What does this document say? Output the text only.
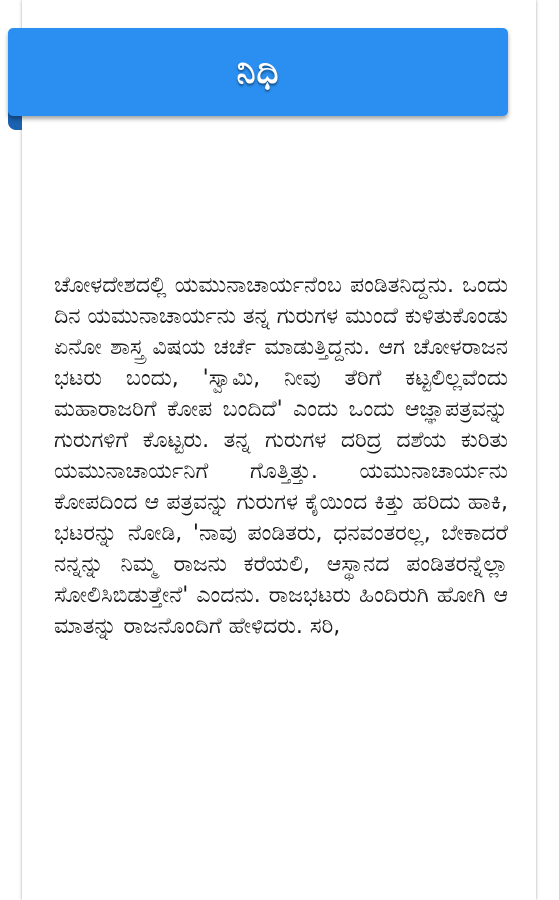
ನಿಧಿ

ಚೋಳದೇಶದಲ್ಲಿ ಯಮುನಾಚಾರ್ಯನೆಂಬ ಪಂಡಿತನಿದ್ದನು. ಒಂದು ದಿನ ಯಮುನಾಚಾರ್ಯನು ತನ್ನ ಗುರುಗಳ ಮುಂದೆ ಕುಳಿತುಕೊಂಡು ಏನೋ ಶಾಸ್ತ್ರ ವಿಷಯ ಚರ್ಚೆ ಮಾಡುತ್ತಿದ್ದನು. ಆಗ ಚೋಳರಾಜನ ಭಟರು ಬಂದು, 'ಸ್ವಾಮಿ, ನೀವು ತೆರಿಗೆ ಕಟ್ಟಲಿಲ್ಲವೆಂದು ಮಹಾರಾಜರಿಗೆ ಕೋಪ ಬಂದಿದೆ' ಎಂದು ಒಂದು ಆಜ್ಞಾಪತ್ರವನ್ನು ಗುರುಗಳಿಗೆ ಕೊಟ್ಟರು. ತನ್ನ ಗುರುಗಳ ದರಿದ್ರ ದಶೆಯ ಕುರಿತು ಯಮುನಾಚಾರ್ಯನಿಗೆ ಗೊತ್ತಿತ್ತು. ಯಮುನಾಚಾರ್ಯನು ಕೋಪದಿಂದ ಆ ಪತ್ರವನ್ನು ಗುರುಗಳ ಕೈಯಿಂದ ಕಿತ್ತು ಹರಿದು ಹಾಕಿ, ಭಟರನ್ನು ನೋಡಿ, 'ನಾವು ಪಂಡಿತರು, ಧನವಂತರಲ್ಲ, ಬೇಕಾದರೆ ನನ್ನನ್ನು ನಿಮ್ಮ ರಾಜನು ಕರೆಯಲಿ, ಆಸ್ಥಾನದ ಪಂಡಿತರನ್ನೆಲ್ಲಾ ಸೋಲಿಸಿಬಿಡುತ್ತೇನೆ' ಎಂದನು. ರಾಜಭಟರು ಹಿಂದಿರುಗಿ ಹೋಗಿ ಆ ಮಾತನ್ನು ರಾಜನೊಂದಿಗೆ ಹೇಳಿದರು. ಸರಿ,
